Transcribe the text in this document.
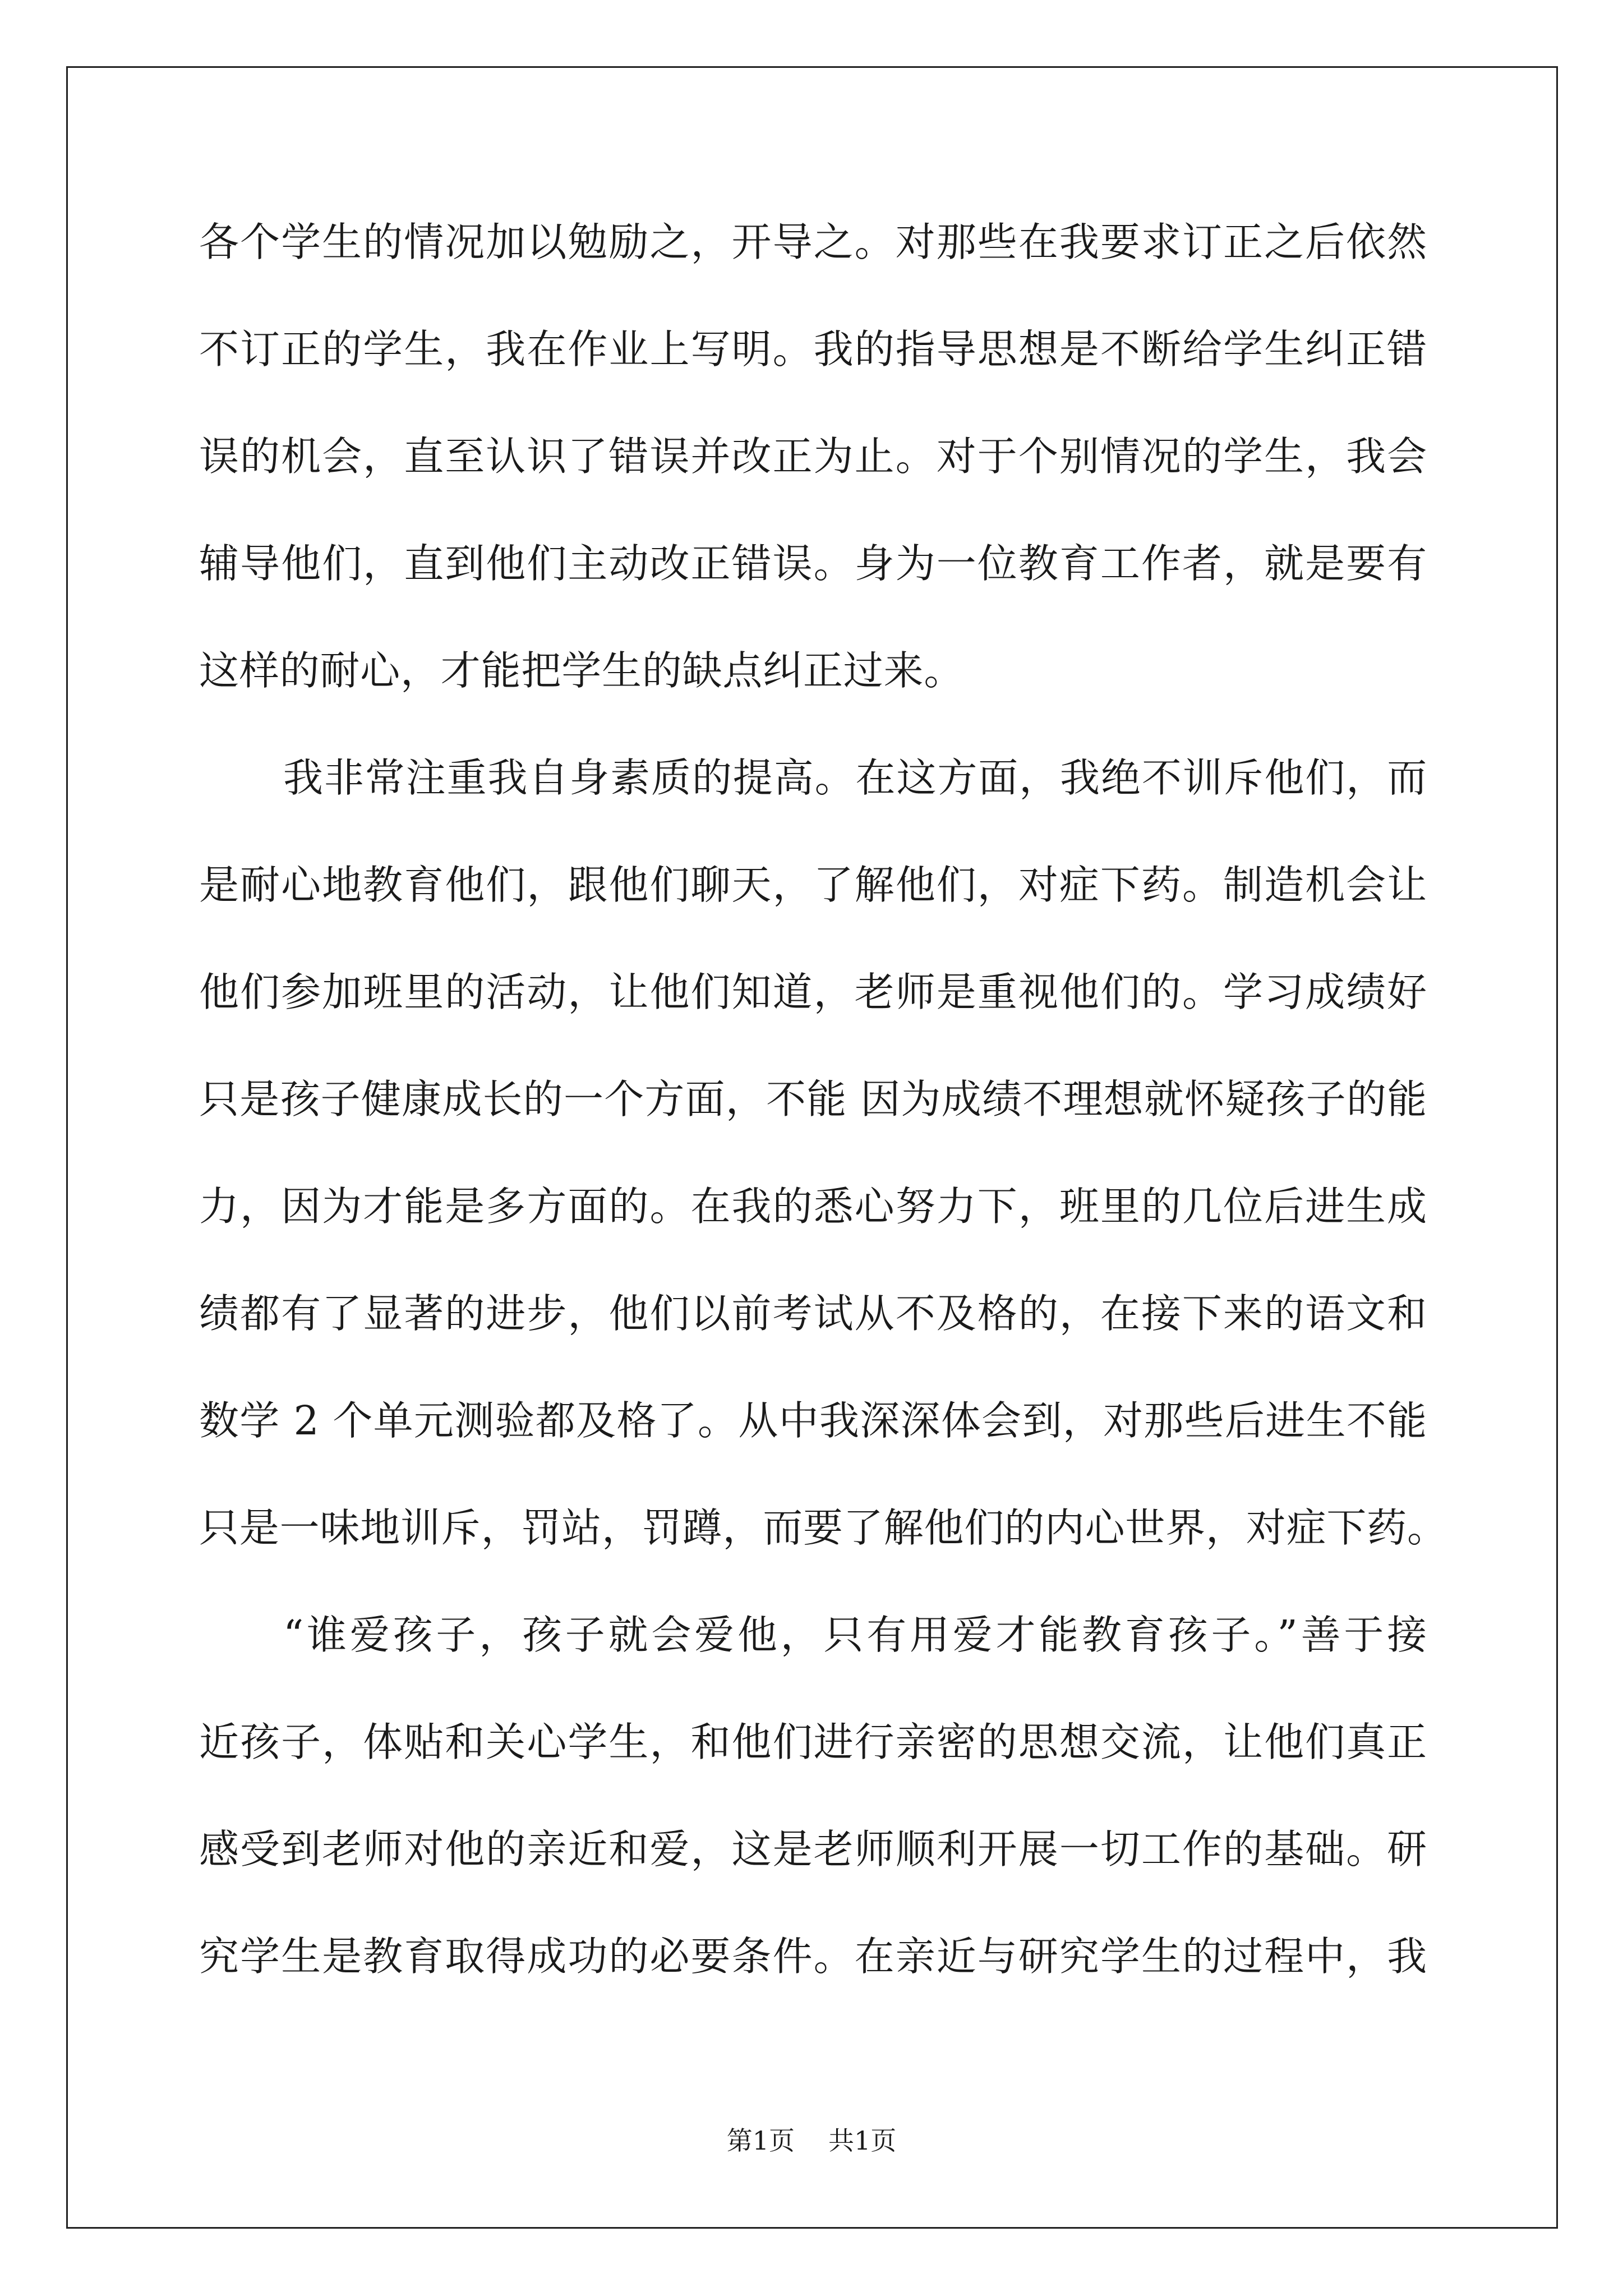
各个学生的情况加以勉励之，开导之。对那些在我要求订正之后依然
不订正的学生，我在作业上写明。我的指导思想是不断给学生纠正错
误的机会，直至认识了错误并改正为止。对于个别情况的学生，我会
辅导他们，直到他们主动改正错误。身为一位教育工作者，就是要有
这样的耐心，才能把学生的缺点纠正过来。
我非常注重我自身素质的提高。在这方面，我绝不训斥他们，而
是耐心地教育他们，跟他们聊天，了解他们，对症下药。制造机会让
他们参加班里的活动，让他们知道，老师是重视他们的。学习成绩好
只是孩子健康成长的一个方面，不能 因为成绩不理想就怀疑孩子的能
力，因为才能是多方面的。在我的悉心努力下，班里的几位后进生成
绩都有了显著的进步，他们以前考试从不及格的，在接下来的语文和
数学 2 个单元测验都及格了。从中我深深体会到，对那些后进生不能
只是一味地训斥，罚站，罚蹲，而要了解他们的内心世界，对症下药。
“谁爱孩子，孩子就会爱他，只有用爱才能教育孩子。”善于接
近孩子，体贴和关心学生，和他们进行亲密的思想交流，让他们真正
感受到老师对他的亲近和爱，这是老师顺利开展一切工作的基础。研
究学生是教育取得成功的必要条件。在亲近与研究学生的过程中，我
第1页 共1页
